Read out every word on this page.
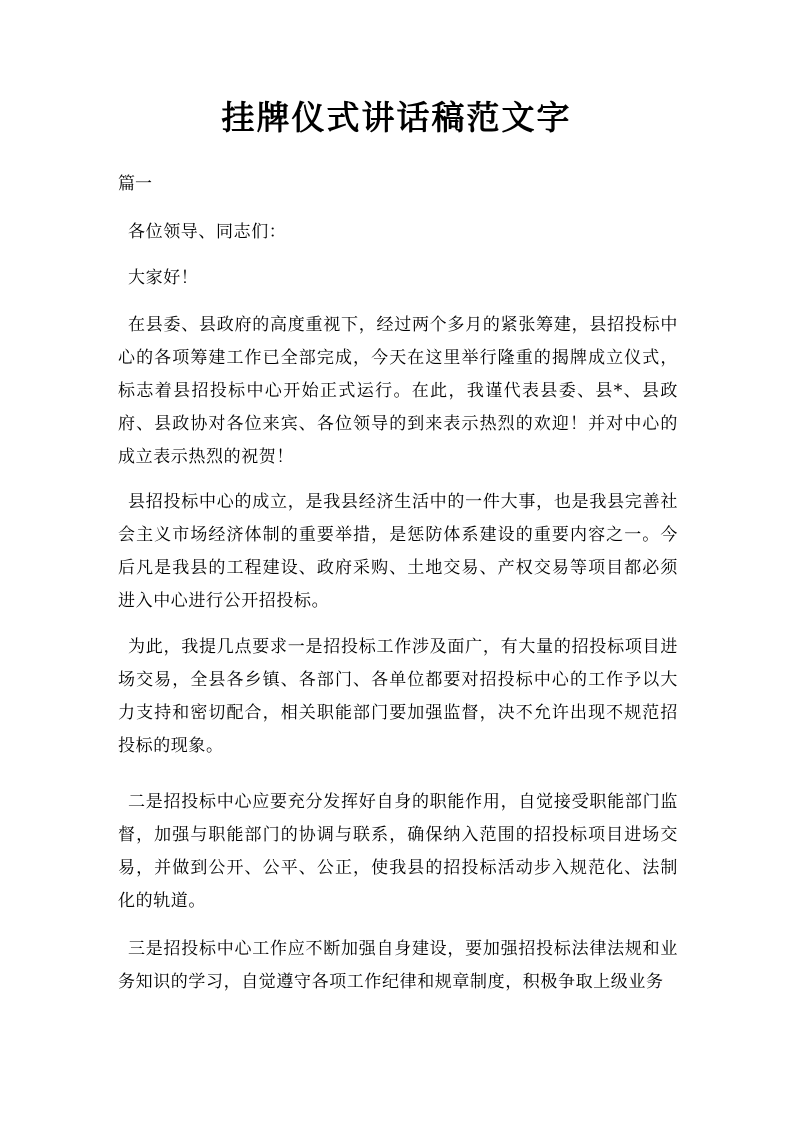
挂牌仪式讲话稿范文字

篇一

各位领导、同志们：

大家好！

在县委、县政府的高度重视下，经过两个多月的紧张筹建，县招投标中心的各项筹建工作已全部完成，今天在这里举行隆重的揭牌成立仪式，标志着县招投标中心开始正式运行。在此，我谨代表县委、县*、县政府、县政协对各位来宾、各位领导的到来表示热烈的欢迎！并对中心的成立表示热烈的祝贺！

县招投标中心的成立，是我县经济生活中的一件大事，也是我县完善社会主义市场经济体制的重要举措，是惩防体系建设的重要内容之一。今后凡是我县的工程建设、政府采购、土地交易、产权交易等项目都必须进入中心进行公开招投标。

为此，我提几点要求一是招投标工作涉及面广，有大量的招投标项目进场交易，全县各乡镇、各部门、各单位都要对招投标中心的工作予以大力支持和密切配合，相关职能部门要加强监督，决不允许出现不规范招投标的现象。

二是招投标中心应要充分发挥好自身的职能作用，自觉接受职能部门监督，加强与职能部门的协调与联系，确保纳入范围的招投标项目进场交易，并做到公开、公平、公正，使我县的招投标活动步入规范化、法制化的轨道。

三是招投标中心工作应不断加强自身建设，要加强招投标法律法规和业务知识的学习，自觉遵守各项工作纪律和规章制度，积极争取上级业务
